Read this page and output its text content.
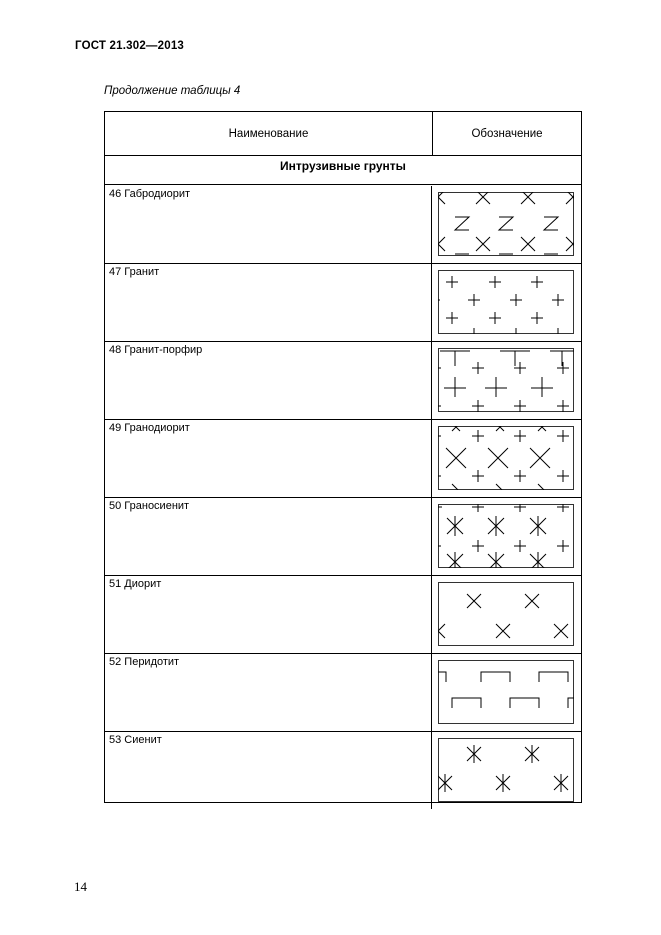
ГОСТ 21.302—2013
Продолжение таблицы 4
Наименование	Обозначение
Интрузивные грунты
46 Габродиорит
47 Гранит
48 Гранит-порфир
49 Гранодиорит
50 Граносиенит
51 Диорит
52 Перидотит
53 Сиенит
14
